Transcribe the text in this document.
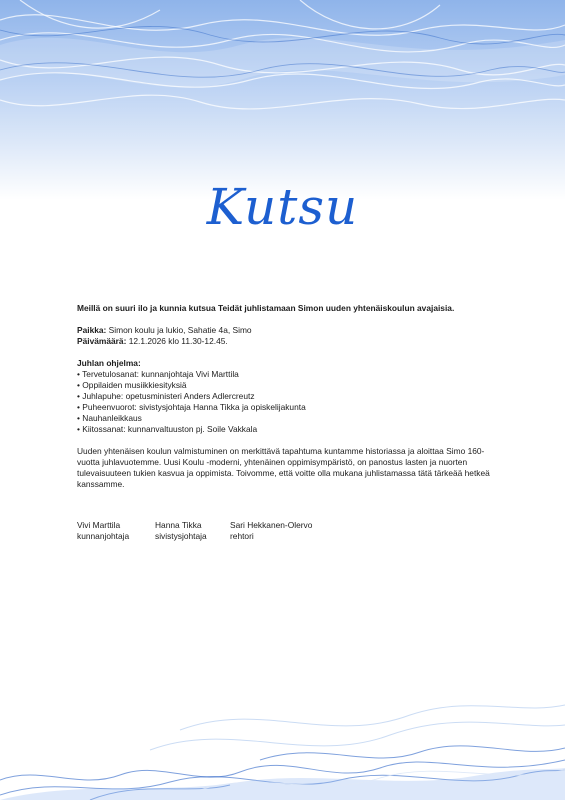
Kutsu

Meillä on suuri ilo ja kunnia kutsua Teidät juhlistamaan Simon uuden yhtenäiskoulun avajaisia.

Paikka: Simon koulu ja lukio, Sahatie 4a, Simo

Päivämäärä: 12.1.2026 klo 11.30-12.45.

Juhlan ohjelma:

• Tervetulosanat: kunnanjohtaja Vivi Marttila
• Oppilaiden musiikkiesityksiä
• Juhlapuhe: opetusministeri Anders Adlercreutz
• Puheenvuorot: sivistysjohtaja Hanna Tikka ja opiskelijakunta
• Nauhanleikkaus
• Kiitossanat: kunnanvaltuuston pj. Soile Vakkala

Uuden yhtenäisen koulun valmistuminen on merkittävä tapahtuma kuntamme historiassa ja aloittaa Simo 160-vuotta juhlavuotemme. Uusi Koulu -moderni, yhtenäinen oppimisympäristö, on panostus lasten ja nuorten tulevaisuuteen tukien kasvua ja oppimista. Toivomme, että voitte olla mukana juhlistamassa tätä tärkeää hetkeä kanssamme.

Vivi Marttila
kunnanjohtaja
Hanna Tikka
sivistysjohtaja
Sari Hekkanen-Olervo
rehtori
